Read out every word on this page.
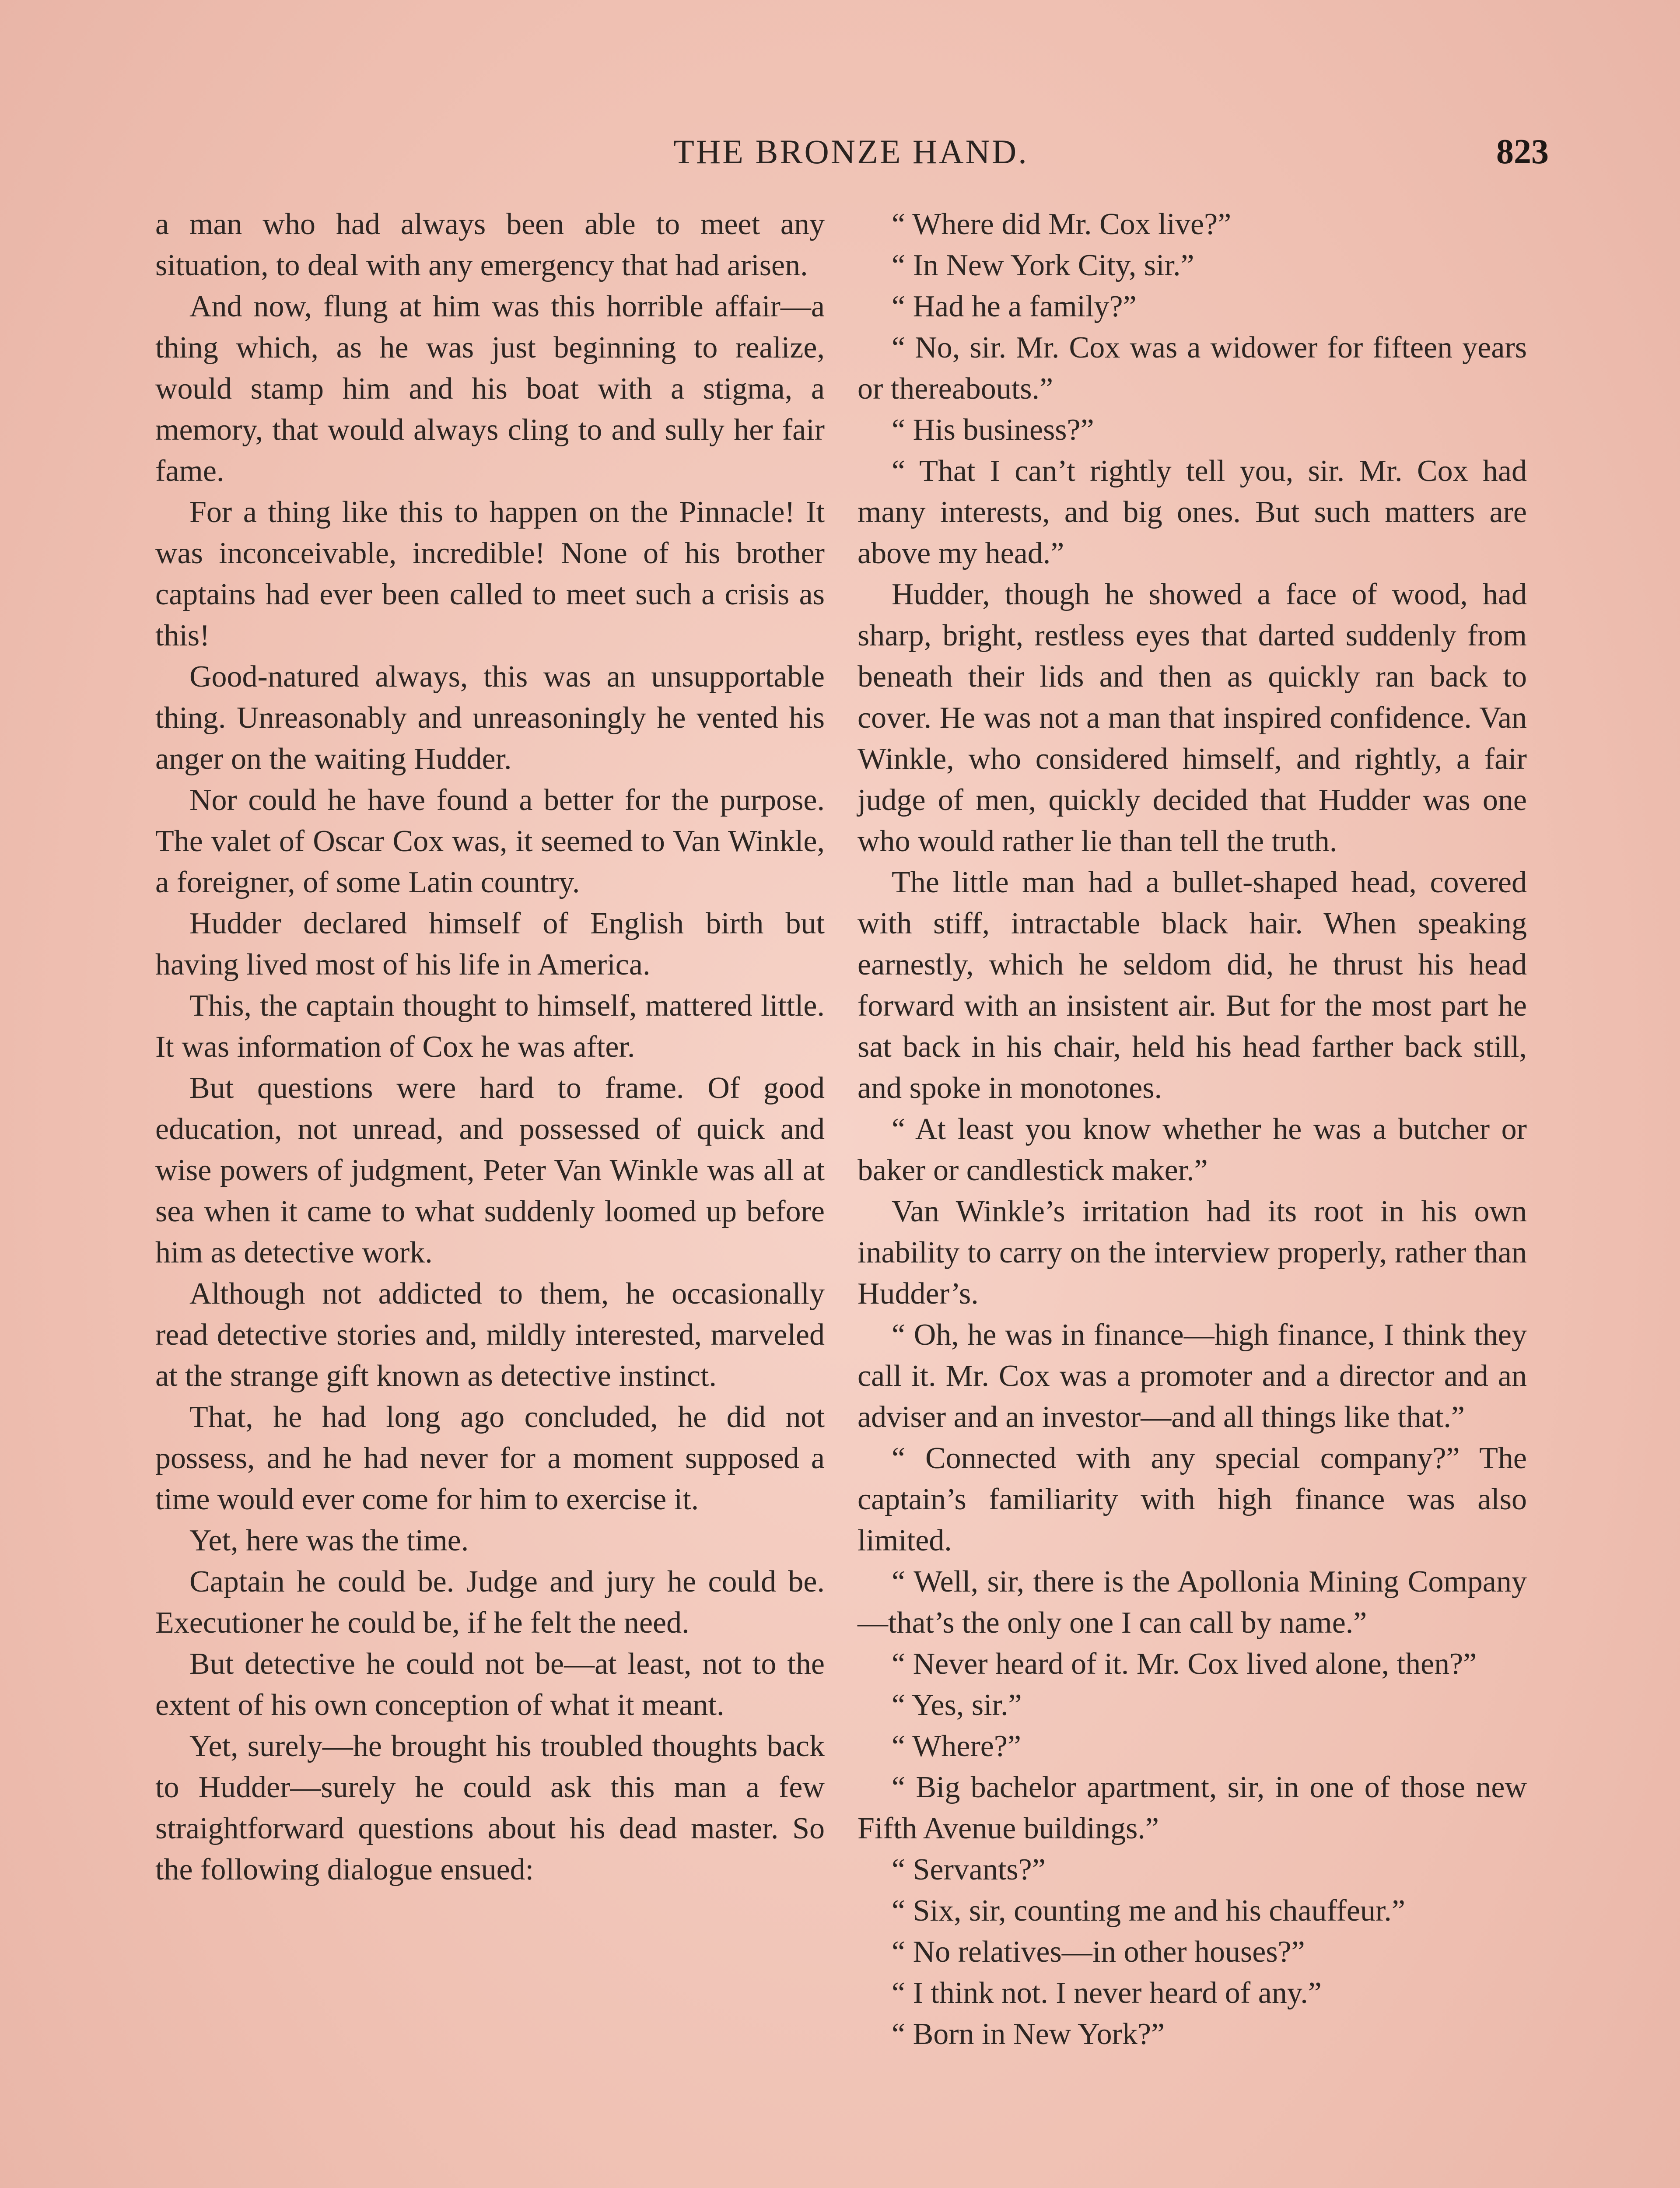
THE BRONZE HAND.	823

a man who had always been able to meet any situation, to deal with any emergency that had arisen.

And now, flung at him was this horrible affair—a thing which, as he was just beginning to realize, would stamp him and his boat with a stigma, a memory, that would always cling to and sully her fair fame.

For a thing like this to happen on the Pinnacle! It was inconceivable, incredible! None of his brother captains had ever been called to meet such a crisis as this!

Good-natured always, this was an unsupportable thing. Unreasonably and unreasoningly he vented his anger on the waiting Hudder.

Nor could he have found a better for the purpose. The valet of Oscar Cox was, it seemed to Van Winkle, a foreigner, of some Latin country.

Hudder declared himself of English birth but having lived most of his life in America.

This, the captain thought to himself, mattered little. It was information of Cox he was after.

But questions were hard to frame. Of good education, not unread, and possessed of quick and wise powers of judgment, Peter Van Winkle was all at sea when it came to what suddenly loomed up before him as detective work.

Although not addicted to them, he occasionally read detective stories and, mildly interested, marveled at the strange gift known as detective instinct.

That, he had long ago concluded, he did not possess, and he had never for a moment supposed a time would ever come for him to exercise it.

Yet, here was the time.

Captain he could be. Judge and jury he could be. Executioner he could be, if he felt the need.

But detective he could not be—at least, not to the extent of his own conception of what it meant.

Yet, surely—he brought his troubled thoughts back to Hudder—surely he could ask this man a few straightforward questions about his dead master. So the following dialogue ensued:

“ Where did Mr. Cox live?”

“ In New York City, sir.”

“ Had he a family?”

“ No, sir. Mr. Cox was a widower for fifteen years or thereabouts.”

“ His business?”

“ That I can’t rightly tell you, sir. Mr. Cox had many interests, and big ones. But such matters are above my head.”

Hudder, though he showed a face of wood, had sharp, bright, restless eyes that darted suddenly from beneath their lids and then as quickly ran back to cover. He was not a man that inspired confidence. Van Winkle, who considered himself, and rightly, a fair judge of men, quickly decided that Hudder was one who would rather lie than tell the truth.

The little man had a bullet-shaped head, covered with stiff, intractable black hair. When speaking earnestly, which he seldom did, he thrust his head forward with an insistent air. But for the most part he sat back in his chair, held his head farther back still, and spoke in monotones.

“ At least you know whether he was a butcher or baker or candlestick maker.”

Van Winkle’s irritation had its root in his own inability to carry on the interview properly, rather than Hudder’s.

“ Oh, he was in finance—high finance, I think they call it. Mr. Cox was a promoter and a director and an adviser and an investor—and all things like that.”

“ Connected with any special company?” The captain’s familiarity with high finance was also limited.

“ Well, sir, there is the Apollonia Mining Company—that’s the only one I can call by name.”

“ Never heard of it. Mr. Cox lived alone, then?”

“ Yes, sir.”

“ Where?”

“ Big bachelor apartment, sir, in one of those new Fifth Avenue buildings.”

“ Servants?”

“ Six, sir, counting me and his chauffeur.”

“ No relatives—in other houses?”

“ I think not. I never heard of any.”

“ Born in New York?”
